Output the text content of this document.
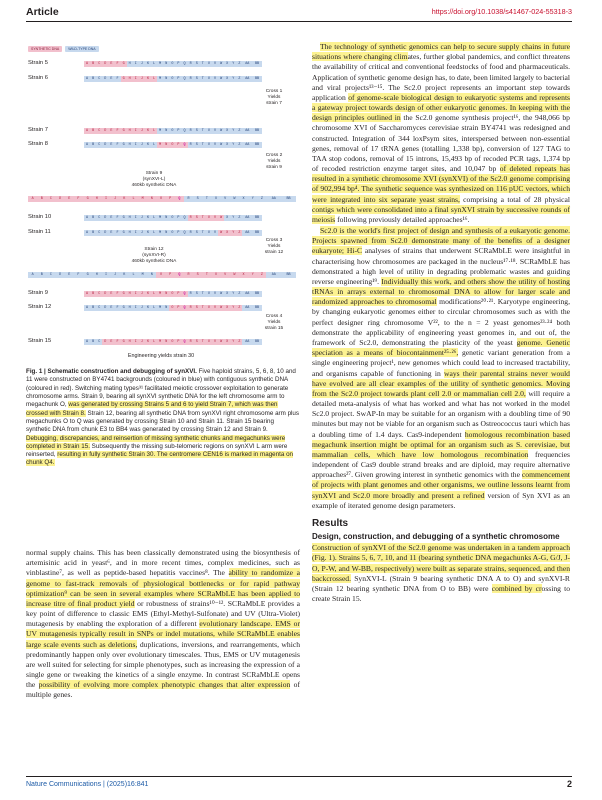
Article	https://doi.org/10.1038/s41467-024-55318-3
SYNTHETIC DNA	WILD-TYPE DNA
Strain 5	A	B	C	D	E	F	G	H	I	J	K	L	M	N	O	P	Q	R	S	T	U	V	W	X	Y	Z	AA	BB
Strain 6	A	B	C	D	E	F	G	H	I	J	K	L	M	N	O	P	Q	R	S	T	U	V	W	X	Y	Z	AA	BB
Cross 1
Yields
strain 7
Strain 7	A	B	C	D	E	F	G	H	I	J	K	L	M	N	O	P	Q	R	S	T	U	V	W	X	Y	Z	AA	BB
Strain 8	A	B	C	D	E	F	G	H	I	J	K	L	M	N	O	P	Q	R	S	T	U	V	W	X	Y	Z	AA	BB
Cross 2
Yields
strain 9
Strain 9
(synXVI-L)
460kb synthetic DNA
A	B	C	D	E	F	G	H	I	J	K	L	M	N	O	P	Q	R	S	T	U	V	W	X	Y	Z	AA	BB
Strain 10	A	B	C	D	E	F	G	H	I	J	K	L	M	N	O	P	Q	R	S	T	U	V	W	X	Y	Z	AA	BB
Strain 11	A	B	C	D	E	F	G	H	I	J	K	L	M	N	O	P	Q	R	S	T	U	V	W	X	Y	Z	AA	BB
Cross 3
Yields
strain 12
Strain 12
(synXVI-R)
460kb synthetic DNA
A	B	C	D	E	F	G	H	I	J	K	L	M	N	O	P	Q	R	S	T	U	V	W	X	Y	Z	AA	BB
Strain 9	A	B	C	D	E	F	G	H	I	J	K	L	M	N	O	P	Q	R	S	T	U	V	W	X	Y	Z	AA	BB
Strain 12	A	B	C	D	E	F	G	H	I	J	K	L	M	N	O	P	Q	R	S	T	U	V	W	X	Y	Z	AA	BB
Cross 4
Yields
strain 15
Strain 15	A	B	C	D	E	F	G	H	I	J	K	L	M	N	O	P	Q	R	S	T	U	V	W	X	Y	Z	AA	BB
Engineering yields strain 30
Fig. 1 | Schematic construction and debugging of synXVI. Five haploid strains, 5, 6, 8, 10 and 11 were constructed on BY4741 backgrounds (coloured in blue) with contiguous synthetic DNA (coloured in red). Switching mating types³¹ facilitated meiotic crossover exploitation to generate chromosome arms. Strain 9, bearing all synXVI synthetic DNA for the left chromosome arm to megachunk O, was generated by crossing Strains 5 and 6 to yield Strain 7, which was then crossed with Strain 8. Strain 12, bearing all synthetic DNA from synXVI right chromosome arm plus megachunks O to Q was generated by crossing Strain 10 and Strain 11. Strain 15 bearing synthetic DNA from chunk E3 to BB4 was generated by crossing Strain 12 and Strain 9. Debugging, discrepancies, and reinsertion of missing synthetic chunks and megachunks were completed in Strain 15. Subsequently the missing sub-telomeric regions on synXVI L arm were reinserted, resulting in fully synthetic Strain 30. The centromere CEN16 is marked in magenta on chunk Q4.

normal supply chains. This has been classically demonstrated using the biosynthesis of artemisinic acid in yeast⁶, and in more recent times, complex medicines, such as vinblastine⁷, as well as peptide-based hepatitis vaccines⁸. The ability to randomize a genome to fast-track removals of physiological bottlenecks or for rapid pathway optimization⁹ can be seen in several examples where SCRaMbLE has been applied to increase titre of final product yield or robustness of strains¹⁰⁻¹². SCRaMbLE provides a key point of difference to classic EMS (Ethyl-Methyl-Sulfonate) and UV (Ultra-Violet) mutagenesis by enabling the exploration of a different evolutionary landscape. EMS or UV mutagenesis typically result in SNPs or indel mutations, while SCRaMbLE enables large scale events such as deletions, duplications, inversions, and rearrangements, which predominantly happen only over evolutionary timescales. Thus, EMS or UV mutagenesis are well suited for selecting for simple phenotypes, such as increasing the expression of a single gene or tweaking the kinetics of a single enzyme. In contrast SCRaMbLE opens the possibility of evolving more complex phenotypic changes that alter expression of multiple genes.

The technology of synthetic genomics can help to secure supply chains in future situations where changing climates, further global pandemics, and conflict threatens the availability of critical and conventional feedstocks of food and pharmaceuticals. Application of synthetic genome design has, to date, been limited largely to bacterial and viral projects¹³⁻¹⁵. The Sc2.0 project represents an important step towards application of genome-scale biological design to eukaryotic systems and represents a gateway project towards design of other eukaryotic genomes. In keeping with the design principles outlined in the Sc2.0 genome synthesis project¹⁶, the 948,066 bp chromosome XVI of Saccharomyces cerevisiae strain BY4741 was redesigned and constructed. Integration of 344 loxPsym sites, interspersed between non-essential genes, removal of 17 tRNA genes (totalling 1,338 bp), conversion of 127 TAG to TAA stop codons, removal of 15 introns, 15,493 bp of recoded PCR tags, 1,374 bp of recoded restriction enzyme target sites, and 10,047 bp of deleted repeats has resulted in a synthetic chromosome XVI (synXVI) of the Sc2.0 genome comprising of 902,994 bp⁴. The synthetic sequence was synthesized on 116 pUC vectors, which were integrated into six separate yeast strains, comprising a total of 28 physical contigs which were consolidated into a final synXVI strain by successive rounds of meiosis following previously detailed approaches¹⁶.

Sc2.0 is the world's first project of design and synthesis of a eukaryotic genome. Projects spawned from Sc2.0 demonstrate many of the benefits of a designer eukaryote; Hi-C analyses of strains that underwent SCRaMbLE were insightful in characterising how chromosomes are packaged in the nucleus¹⁷·¹⁸. SCRaMbLE has demonstrated a high level of utility in degrading problematic wastes and guiding reverse engineering¹⁹. Individually this work, and others show the utility of hosting tRNAs in arrays external to chromosomal DNA to allow for larger scale and randomized approaches to chromosomal modifications²⁰·²¹. Karyotype engineering, by changing eukaryotic genomes either to circular chromosomes such as with the perfect designer ring chromosome V²², to the n = 2 yeast genomes²³·²⁴ both demonstrate the applicability of engineering yeast genomes in, and out of, the framework of Sc2.0, demonstrating the plasticity of the yeast genome. Genetic speciation as a means of biocontainment²⁵·²⁶, genetic variant generation from a single engineering project¹, new genomes which could lead to increased tractability, and organisms capable of functioning in ways their parental strains never would have evolved are all clear examples of the utility of synthetic genomics. Moving from the Sc2.0 project towards plant cell 2.0 or mammalian cell 2.0, will require a detailed meta-analysis of what has worked and what has not worked in the model Sc2.0 project. SwAP-In may be suitable for an organism with a doubling time of 90 minutes but may not be viable for an organism such as Ostreococcus tauri which has a doubling time of 1.4 days. Cas9-independent homologous recombination based megachunk insertion might be optimal for an organism such as S. cerevisiae, but mammalian cells, which have low homologous recombination frequencies independent of Cas9 double strand breaks and are diploid, may require alternative approaches²⁷. Given growing interest in synthetic genomics with the commencement of projects with plant genomes and other organisms, we outline lessons learnt from synXVI and Sc2.0 more broadly and present a refined version of Syn XVI as an example of iterated genome design parameters.

Results
Design, construction, and debugging of a synthetic chromosome

Construction of synXVI of the Sc2.0 genome was undertaken in a tandem approach (Fig. 1). Strains 5, 6, 7, 10, and 11 (bearing synthetic DNA megachunks A-G, G/J, J-O, P-W, and W-BB, respectively) were built as separate strains, sequenced, and then backcrossed. SynXVI-L (Strain 9 bearing synthetic DNA A to O) and synXVI-R (Strain 12 bearing synthetic DNA from O to BB) were combined by crossing to create Strain 15.

Nature Communications | (2025)16:841	2
